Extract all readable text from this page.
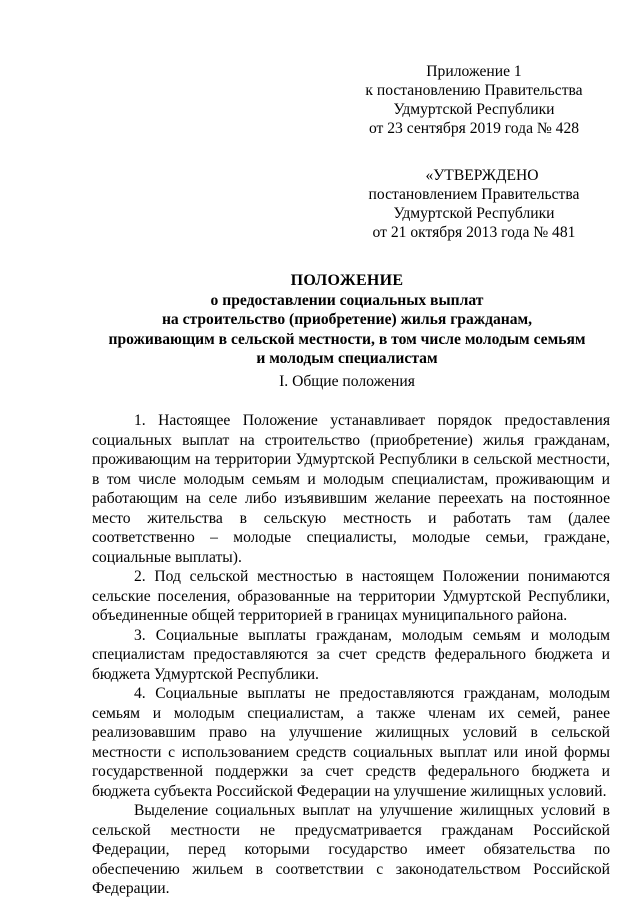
Приложение 1
к постановлению Правительства
Удмуртской Республики
от 23 сентября 2019 года № 428
«УТВЕРЖДЕНО
постановлением Правительства
Удмуртской Республики
от 21 октября 2013 года № 481
ПОЛОЖЕНИЕ
о предоставлении социальных выплат
на строительство (приобретение) жилья гражданам,
проживающим в сельской местности, в том числе молодым семьям
и молодым специалистам
I. Общие положения

1. Настоящее Положение устанавливает порядок предоставления социальных выплат на строительство (приобретение) жилья гражданам, проживающим на территории Удмуртской Республики в сельской местности, в том числе молодым семьям и молодым специалистам, проживающим и работающим на селе либо изъявившим желание переехать на постоянное место жительства в сельскую местность и работать там (далее соответственно – молодые специалисты, молодые семьи, граждане, социальные выплаты).

2. Под сельской местностью в настоящем Положении понимаются сельские поселения, образованные на территории Удмуртской Республики, объединенные общей территорией в границах муниципального района.

3. Социальные выплаты гражданам, молодым семьям и молодым специалистам предоставляются за счет средств федерального бюджета и бюджета Удмуртской Республики.

4. Социальные выплаты не предоставляются гражданам, молодым семьям и молодым специалистам, а также членам их семей, ранее реализовавшим право на улучшение жилищных условий в сельской местности с использованием средств социальных выплат или иной формы государственной поддержки за счет средств федерального бюджета и бюджета субъекта Российской Федерации на улучшение жилищных условий.

Выделение социальных выплат на улучшение жилищных условий в сельской местности не предусматривается гражданам Российской Федерации, перед которыми государство имеет обязательства по обеспечению жильем в соответствии с законодательством Российской Федерации.
